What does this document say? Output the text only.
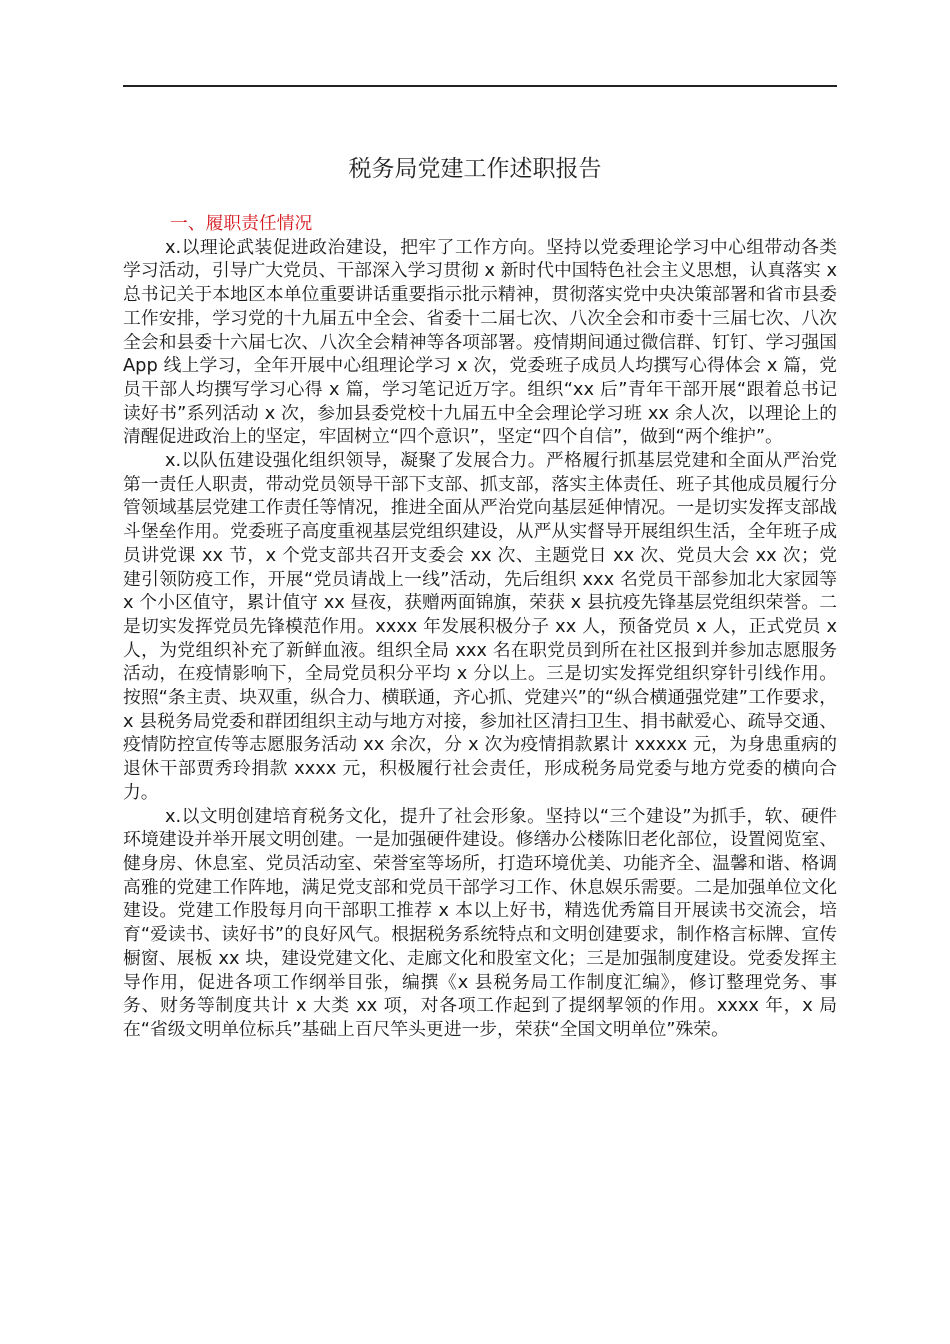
税务局党建工作述职报告
一、履职责任情况

x.以理论武装促进政治建设，把牢了工作方向。坚持以党委理论学习中心组带动各类学习活动，引导广大党员、干部深入学习贯彻 x 新时代中国特色社会主义思想，认真落实 x 总书记关于本地区本单位重要讲话重要指示批示精神，贯彻落实党中央决策部署和省市县委工作安排，学习党的十九届五中全会、省委十二届七次、八次全会和市委十三届七次、八次全会和县委十六届七次、八次全会精神等各项部署。疫情期间通过微信群、钉钉、学习强国 App 线上学习，全年开展中心组理论学习 x 次，党委班子成员人均撰写心得体会 x 篇，党员干部人均撰写学习心得 x 篇，学习笔记近万字。组织“xx 后”青年干部开展“跟着总书记读好书”系列活动 x 次，参加县委党校十九届五中全会理论学习班 xx 余人次，以理论上的清醒促进政治上的坚定，牢固树立“四个意识”，坚定“四个自信”，做到“两个维护”。

x.以队伍建设强化组织领导，凝聚了发展合力。严格履行抓基层党建和全面从严治党第一责任人职责，带动党员领导干部下支部、抓支部，落实主体责任、班子其他成员履行分管领域基层党建工作责任等情况，推进全面从严治党向基层延伸情况。一是切实发挥支部战斗堡垒作用。党委班子高度重视基层党组织建设，从严从实督导开展组织生活，全年班子成员讲党课 xx 节，x 个党支部共召开支委会 xx 次、主题党日 xx 次、党员大会 xx 次；党建引领防疫工作，开展“党员请战上一线”活动，先后组织 xxx 名党员干部参加北大家园等 x 个小区值守，累计值守 xx 昼夜，获赠两面锦旗，荣获 x 县抗疫先锋基层党组织荣誉。二是切实发挥党员先锋模范作用。xxxx 年发展积极分子 xx 人，预备党员 x 人，正式党员 x 人，为党组织补充了新鲜血液。组织全局 xxx 名在职党员到所在社区报到并参加志愿服务活动，在疫情影响下，全局党员积分平均 x 分以上。三是切实发挥党组织穿针引线作用。按照“条主责、块双重，纵合力、横联通，齐心抓、党建兴”的“纵合横通强党建”工作要求，x 县税务局党委和群团组织主动与地方对接，参加社区清扫卫生、捐书献爱心、疏导交通、疫情防控宣传等志愿服务活动 xx 余次，分 x 次为疫情捐款累计 xxxxx 元，为身患重病的退休干部贾秀玲捐款 xxxx 元，积极履行社会责任，形成税务局党委与地方党委的横向合力。

x.以文明创建培育税务文化，提升了社会形象。坚持以“三个建设”为抓手，软、硬件环境建设并举开展文明创建。一是加强硬件建设。修缮办公楼陈旧老化部位，设置阅览室、健身房、休息室、党员活动室、荣誉室等场所，打造环境优美、功能齐全、温馨和谐、格调高雅的党建工作阵地，满足党支部和党员干部学习工作、休息娱乐需要。二是加强单位文化建设。党建工作股每月向干部职工推荐 x 本以上好书，精选优秀篇目开展读书交流会，培育“爱读书、读好书”的良好风气。根据税务系统特点和文明创建要求，制作格言标牌、宣传橱窗、展板 xx 块，建设党建文化、走廊文化和股室文化；三是加强制度建设。党委发挥主导作用，促进各项工作纲举目张，编撰《x 县税务局工作制度汇编》，修订整理党务、事务、财务等制度共计 x 大类 xx 项，对各项工作起到了提纲挈领的作用。xxxx 年，x 局在“省级文明单位标兵”基础上百尺竿头更进一步，荣获“全国文明单位”殊荣。
